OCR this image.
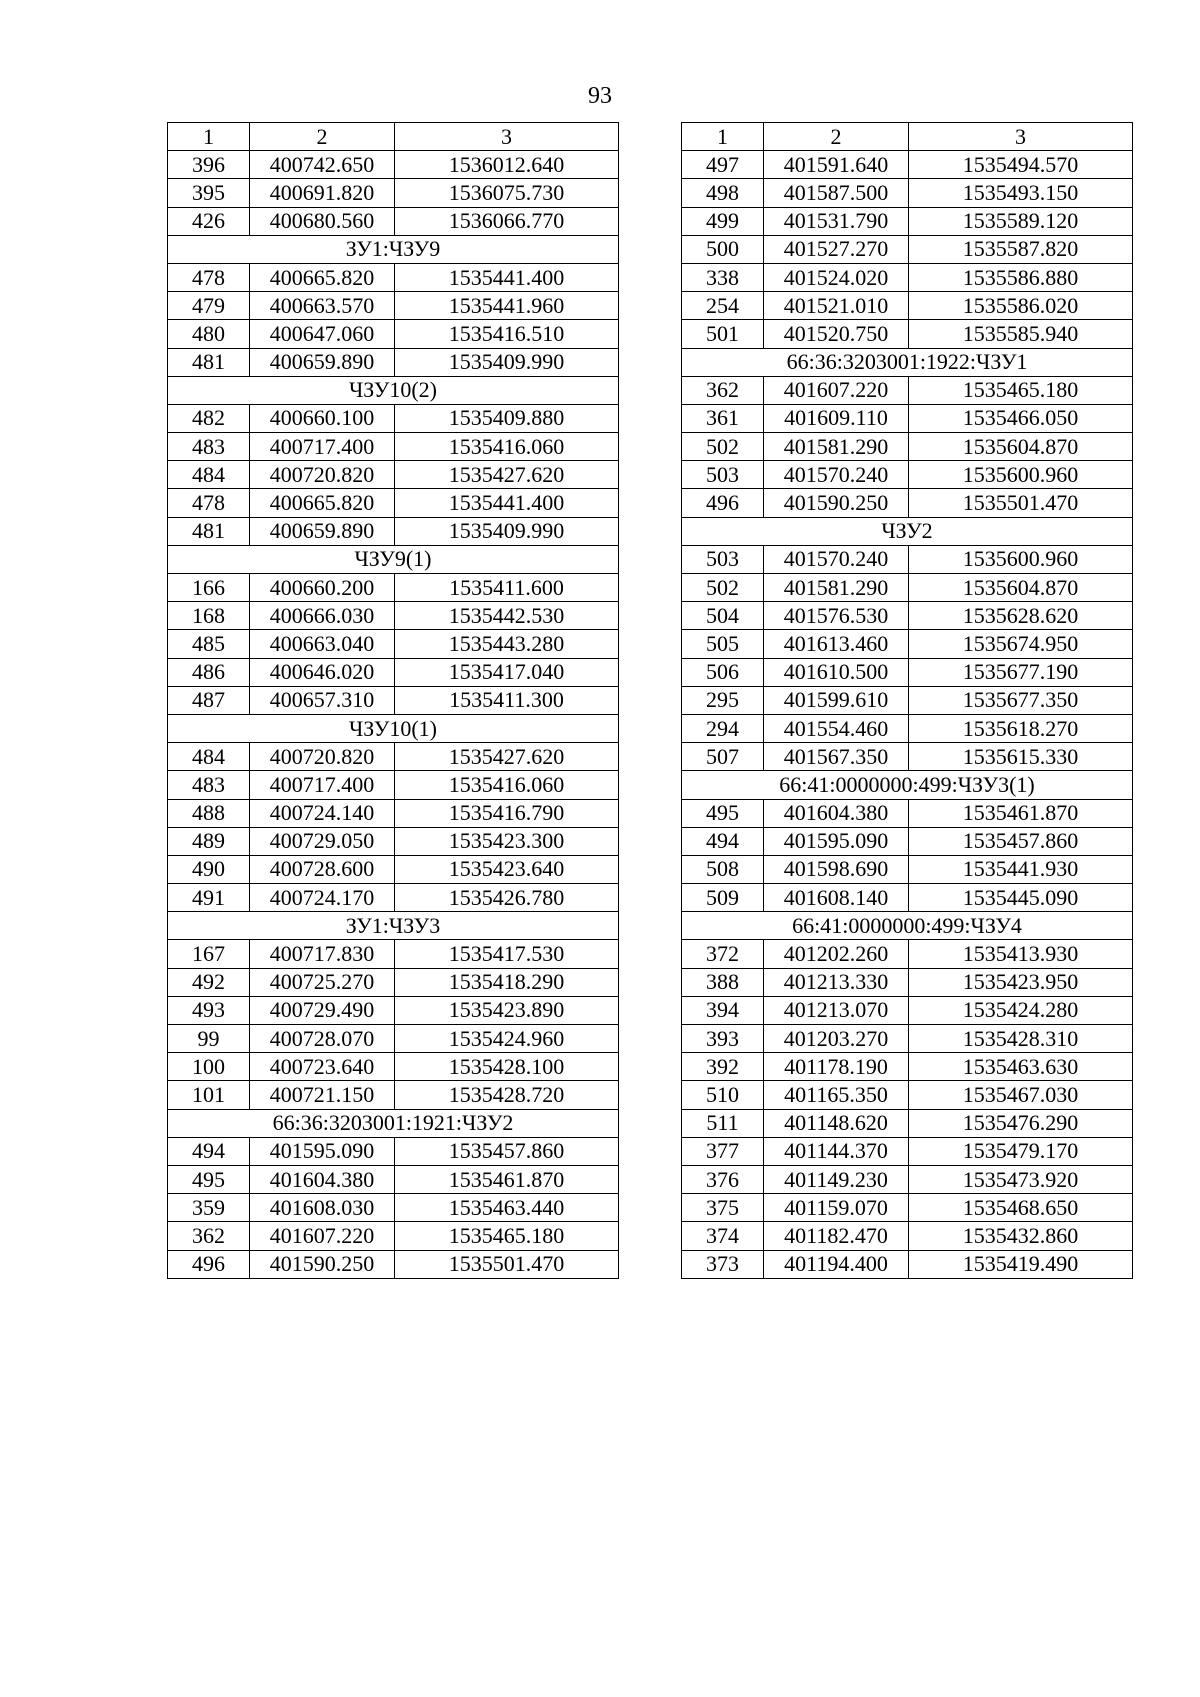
93
1	2	3
396	400742.650	1536012.640
395	400691.820	1536075.730
426	400680.560	1536066.770
ЗУ1:ЧЗУ9		
478	400665.820	1535441.400
479	400663.570	1535441.960
480	400647.060	1535416.510
481	400659.890	1535409.990
ЧЗУ10(2)		
482	400660.100	1535409.880
483	400717.400	1535416.060
484	400720.820	1535427.620
478	400665.820	1535441.400
481	400659.890	1535409.990
ЧЗУ9(1)		
166	400660.200	1535411.600
168	400666.030	1535442.530
485	400663.040	1535443.280
486	400646.020	1535417.040
487	400657.310	1535411.300
ЧЗУ10(1)		
484	400720.820	1535427.620
483	400717.400	1535416.060
488	400724.140	1535416.790
489	400729.050	1535423.300
490	400728.600	1535423.640
491	400724.170	1535426.780
ЗУ1:ЧЗУ3		
167	400717.830	1535417.530
492	400725.270	1535418.290
493	400729.490	1535423.890
99	400728.070	1535424.960
100	400723.640	1535428.100
101	400721.150	1535428.720
66:36:3203001:1921:ЧЗУ2		
494	401595.090	1535457.860
495	401604.380	1535461.870
359	401608.030	1535463.440
362	401607.220	1535465.180
496	401590.250	1535501.470
1	2	3
497	401591.640	1535494.570
498	401587.500	1535493.150
499	401531.790	1535589.120
500	401527.270	1535587.820
338	401524.020	1535586.880
254	401521.010	1535586.020
501	401520.750	1535585.940
66:36:3203001:1922:ЧЗУ1		
362	401607.220	1535465.180
361	401609.110	1535466.050
502	401581.290	1535604.870
503	401570.240	1535600.960
496	401590.250	1535501.470
ЧЗУ2		
503	401570.240	1535600.960
502	401581.290	1535604.870
504	401576.530	1535628.620
505	401613.460	1535674.950
506	401610.500	1535677.190
295	401599.610	1535677.350
294	401554.460	1535618.270
507	401567.350	1535615.330
66:41:0000000:499:ЧЗУ3(1)		
495	401604.380	1535461.870
494	401595.090	1535457.860
508	401598.690	1535441.930
509	401608.140	1535445.090
66:41:0000000:499:ЧЗУ4		
372	401202.260	1535413.930
388	401213.330	1535423.950
394	401213.070	1535424.280
393	401203.270	1535428.310
392	401178.190	1535463.630
510	401165.350	1535467.030
511	401148.620	1535476.290
377	401144.370	1535479.170
376	401149.230	1535473.920
375	401159.070	1535468.650
374	401182.470	1535432.860
373	401194.400	1535419.490
